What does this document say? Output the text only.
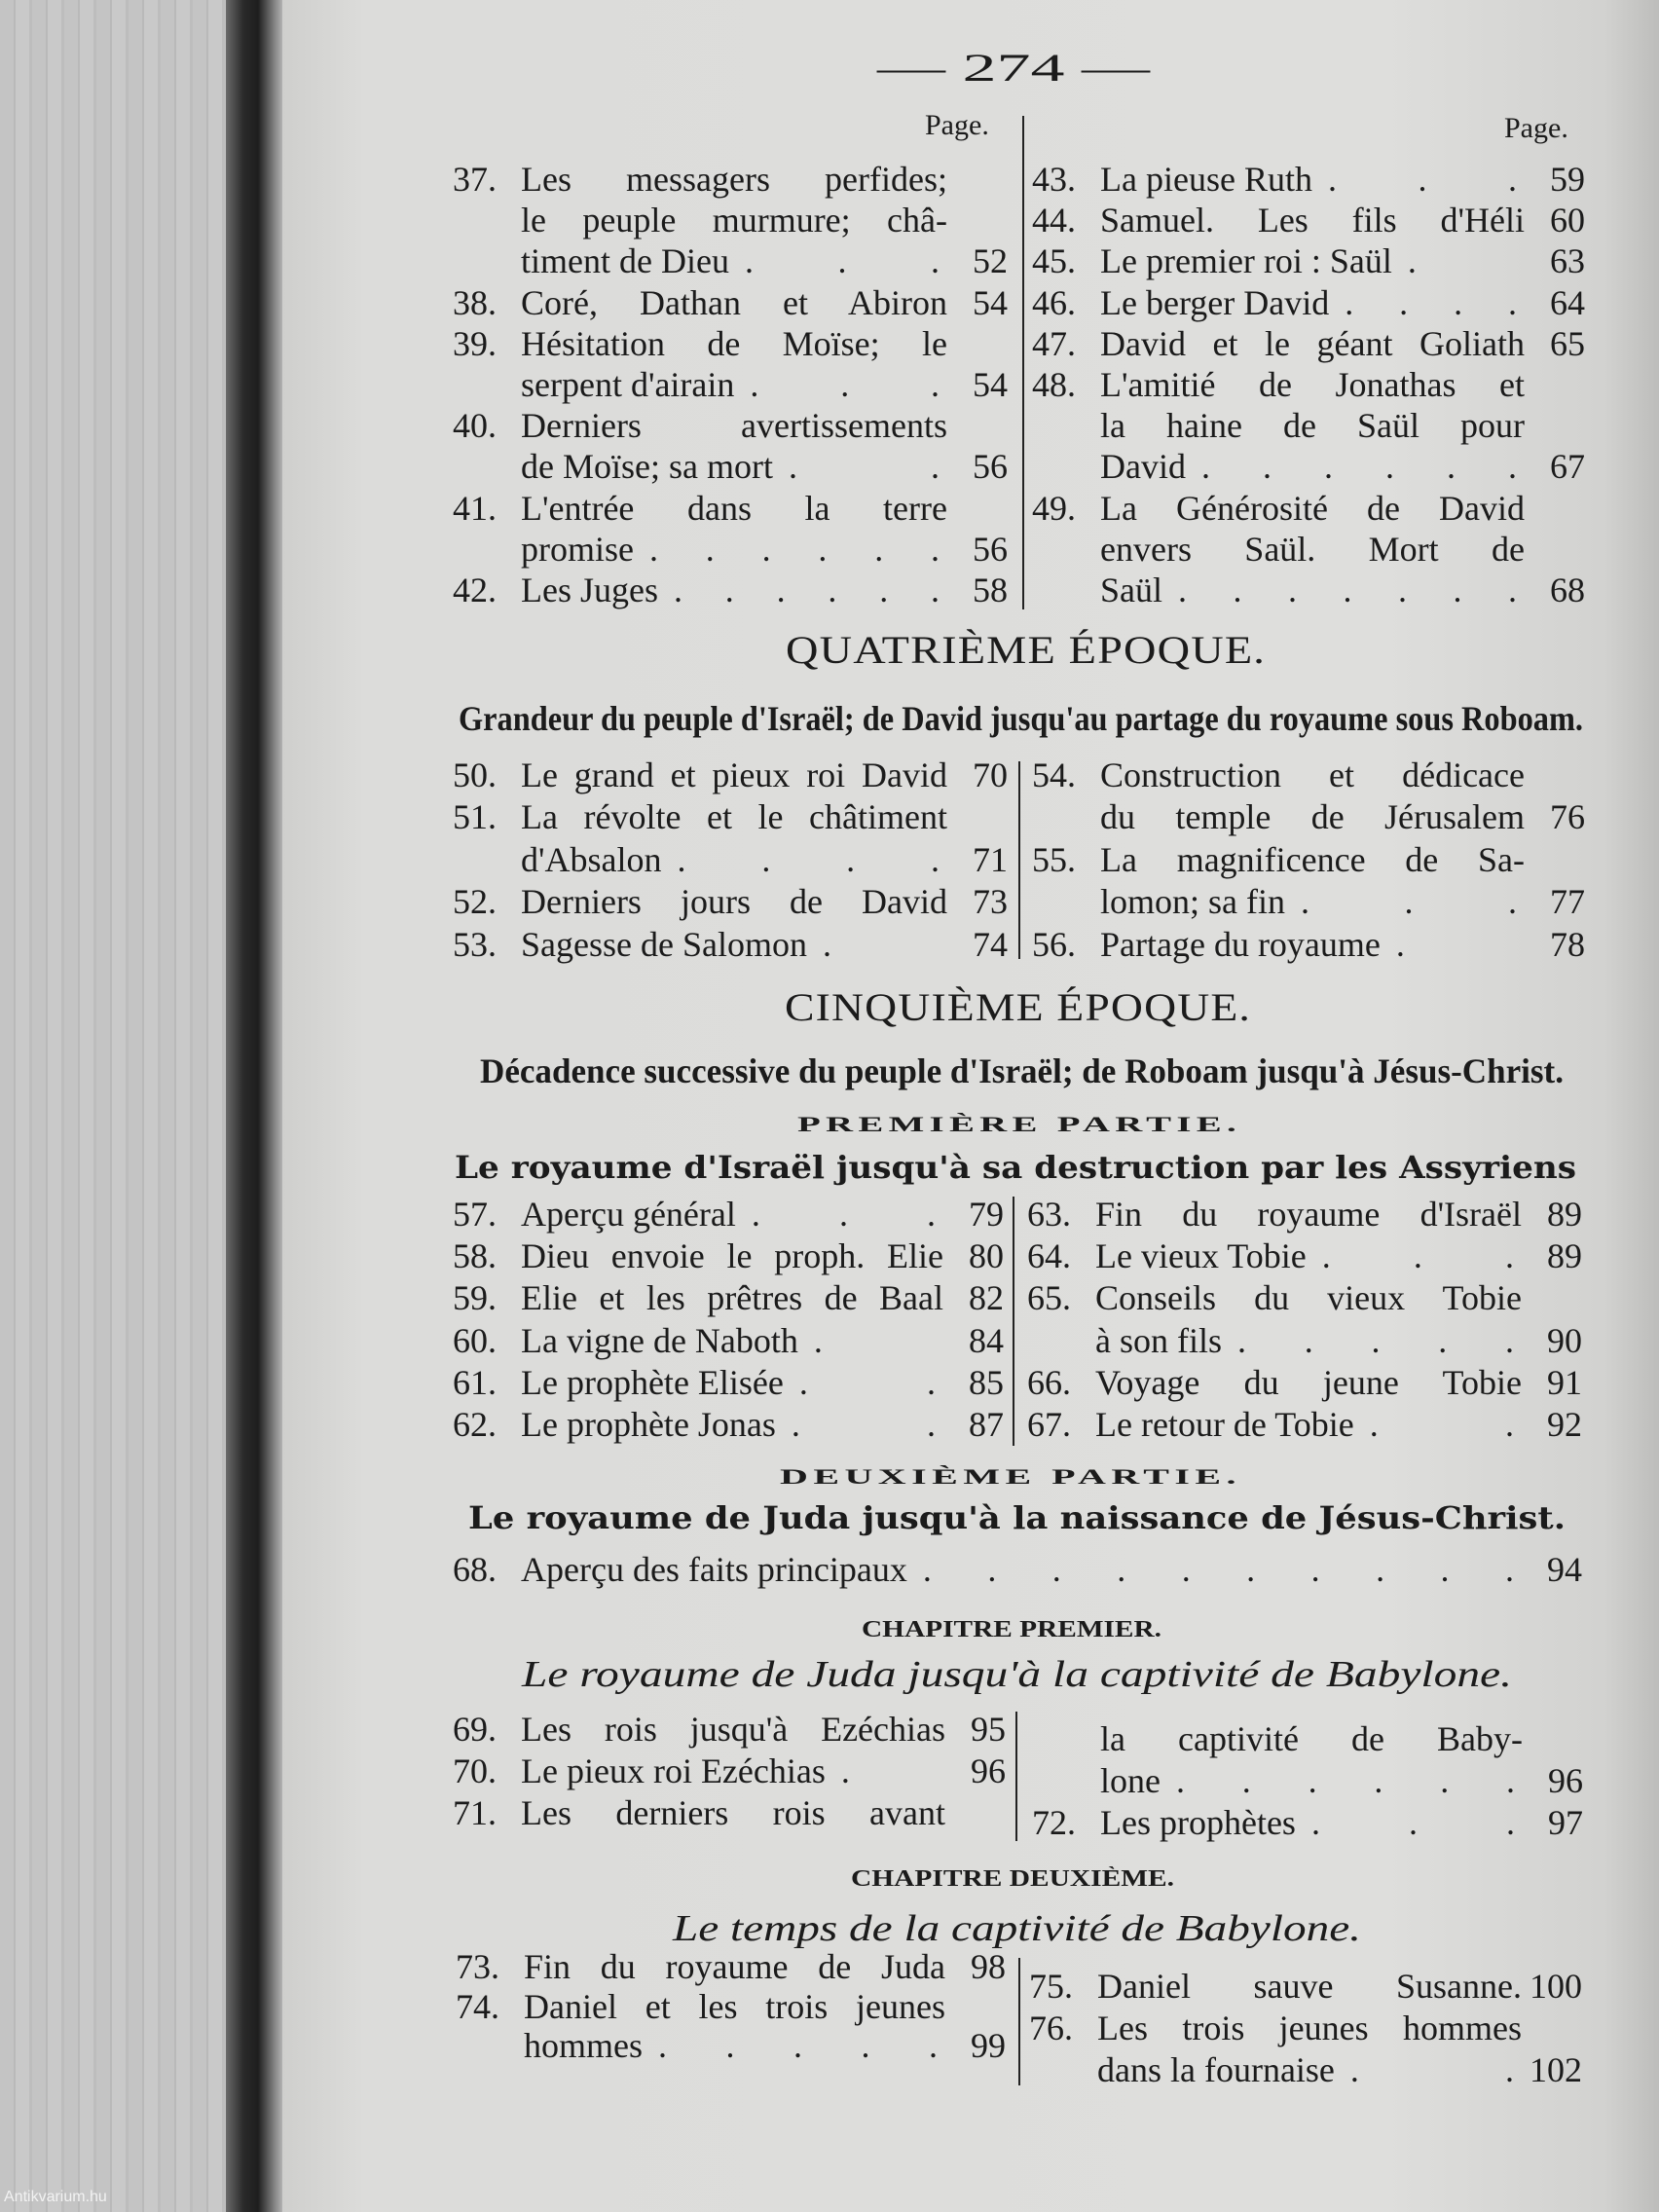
Antikvarium.hu
— 274 —
Page.	Page.
37. Les messagers perfides;
le peuple murmure; châ-
timent de Dieu . . . 52
38. Coré, Dathan et Abiron 54
39. Hésitation de Moïse; le
serpent d'airain . . . 54
40. Derniers avertissements
de Moïse; sa mort . . 56
41. L'entrée dans la terre
promise . . . . . . 56
42. Les Juges . . . . . . 58
43. La pieuse Ruth . . . 59
44. Samuel. Les fils d'Héli 60
45. Le premier roi : Saül .	63
46. Le berger David . . . . 64
47. David et le géant Goliath 65
48. L'amitié de Jonathas et
la haine de Saül pour
David . . . . . . 67
49. La Générosité de David
envers Saül. Mort de
Saül . . . . . . . 68
QUATRIÈME ÉPOQUE.
Grandeur du peuple d'Israël; de David jusqu'au partage du royaume sous Roboam.
50. Le grand et pieux roi David 70
51. La révolte et le châtiment
d'Absalon . . . . 71
52. Derniers jours de David 73
53. Sagesse de Salomon .	74
54. Construction et dédicace
du temple de Jérusalem 76
55. La magnificence de Sa-
lomon; sa fin . . . 77
56. Partage du royaume .	78
CINQUIÈME ÉPOQUE.
Décadence successive du peuple d'Israël; de Roboam jusqu'à Jésus-Christ.
PREMIÈRE PARTIE.
Le royaume d'Israël jusqu'à sa destruction par les Assyriens
57. Aperçu général . . . 79
58. Dieu envoie le proph. Elie 80
59. Elie et les prêtres de Baal 82
60. La vigne de Naboth .	84
61. Le prophète Elisée . . 85
62. Le prophète Jonas . . 87
63. Fin du royaume d'Israël 89
64. Le vieux Tobie . . . 89
65. Conseils du vieux Tobie
à son fils . . . . . 90
66. Voyage du jeune Tobie 91
67. Le retour de Tobie . . 92
DEUXIÈME PARTIE.
Le royaume de Juda jusqu'à la naissance de Jésus-Christ.
68. Aperçu des faits principaux . . . . . . . . . . 94
CHAPITRE PREMIER.
Le royaume de Juda jusqu'à la captivité de Babylone.
69. Les rois jusqu'à Ezéchias 95
70. Le pieux roi Ezéchias .	96
71. Les derniers rois avant
la captivité de Baby-
lone . . . . . . 96
72. Les prophètes . . . 97
CHAPITRE DEUXIÈME.
Le temps de la captivité de Babylone.
73. Fin du royaume de Juda 98
74. Daniel et les trois jeunes
hommes . . . . . 99
75. Daniel sauve Susanne. 100
76. Les trois jeunes hommes
dans la fournaise . . 102
